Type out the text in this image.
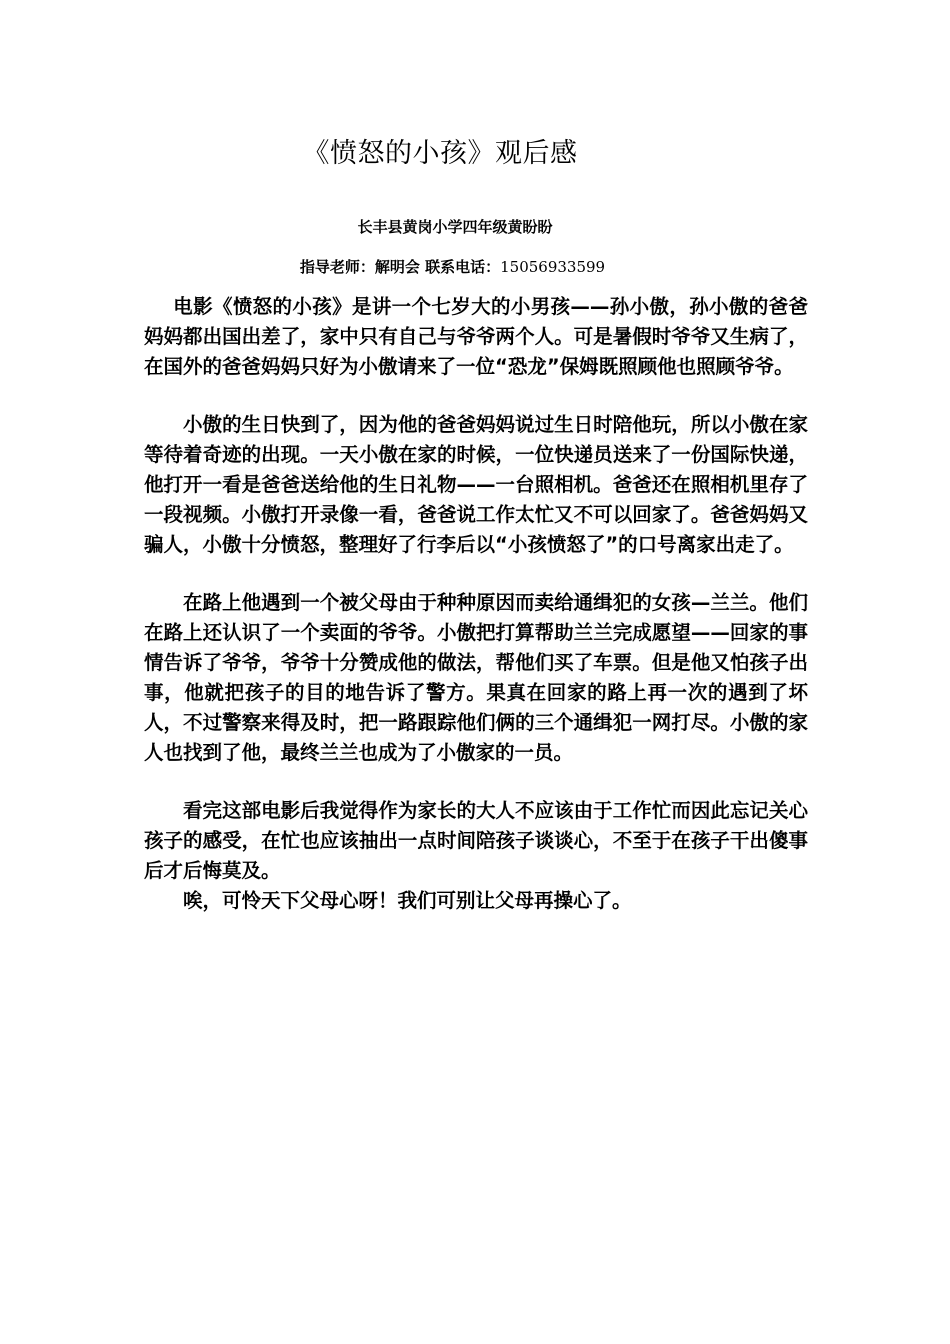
《愤怒的小孩》观后感
长丰县黄岗小学四年级黄盼盼
指导老师：解明会 联系电话：15056933599

电影《愤怒的小孩》是讲一个七岁大的小男孩——孙小傲，孙小傲的爸爸妈妈都出国出差了，家中只有自己与爷爷两个人。可是暑假时爷爷又生病了，在国外的爸爸妈妈只好为小傲请来了一位“恐龙”保姆既照顾他也照顾爷爷。

小傲的生日快到了，因为他的爸爸妈妈说过生日时陪他玩，所以小傲在家等待着奇迹的出现。一天小傲在家的时候，一位快递员送来了一份国际快递，他打开一看是爸爸送给他的生日礼物——一台照相机。爸爸还在照相机里存了一段视频。小傲打开录像一看，爸爸说工作太忙又不可以回家了。爸爸妈妈又骗人，小傲十分愤怒，整理好了行李后以“小孩愤怒了”的口号离家出走了。

在路上他遇到一个被父母由于种种原因而卖给通缉犯的女孩—兰兰。他们在路上还认识了一个卖面的爷爷。小傲把打算帮助兰兰完成愿望——回家的事情告诉了爷爷，爷爷十分赞成他的做法，帮他们买了车票。但是他又怕孩子出事，他就把孩子的目的地告诉了警方。果真在回家的路上再一次的遇到了坏人，不过警察来得及时，把一路跟踪他们俩的三个通缉犯一网打尽。小傲的家人也找到了他，最终兰兰也成为了小傲家的一员。

看完这部电影后我觉得作为家长的大人不应该由于工作忙而因此忘记关心孩子的感受，在忙也应该抽出一点时间陪孩子谈谈心，不至于在孩子干出傻事后才后悔莫及。

唉，可怜天下父母心呀！我们可别让父母再操心了。
